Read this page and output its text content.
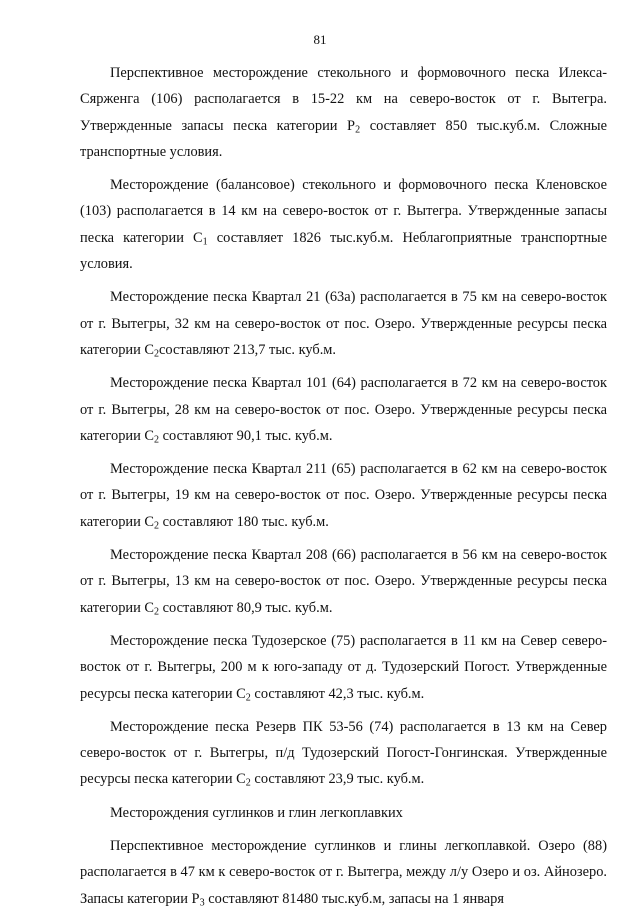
81

Перспективное месторождение стекольного и формовочного песка Илекса-Сярженга (106) располагается в 15-22 км на северо-восток от г. Вытегра. Утвержденные запасы песка категории $Р_2$ составляет 850 тыс.куб.м. Сложные транспортные условия.

Месторождение (балансовое) стекольного и формовочного песка Кленовское (103) располагается в 14 км на северо-восток от г. Вытегра. Утвержденные запасы песка категории $С_1$ составляет 1826 тыс.куб.м. Неблагоприятные транспортные условия.

Месторождение песка Квартал 21 (63а) располагается в 75 км на северо-восток от г. Вытегры, 32 км на северо-восток от пос. Озеро. Утвержденные ресурсы песка категории $С_2составляют$ 213,7 тыс. куб.м.

Месторождение песка Квартал 101 (64) располагается в 72 км на северо-восток от г. Вытегры, 28 км на северо-восток от пос. Озеро. Утвержденные ресурсы песка категории $С_2$ составляют 90,1 тыс. куб.м.

Месторождение песка Квартал 211 (65) располагается в 62 км на северо-восток от г. Вытегры, 19 км на северо-восток от пос. Озеро. Утвержденные ресурсы песка категории $С_2$ составляют 180 тыс. куб.м.

Месторождение песка Квартал 208 (66) располагается в 56 км на северо-восток от г. Вытегры, 13 км на северо-восток от пос. Озеро. Утвержденные ресурсы песка категории $С_2$ составляют 80,9 тыс. куб.м.

Месторождение песка Тудозерское (75) располагается в 11 км на Север северо-восток от г. Вытегры, 200 м к юго-западу от д. Тудозерский Погост. Утвержденные ресурсы песка категории $С_2$ составляют 42,3 тыс. куб.м.

Месторождение песка Резерв ПК 53-56 (74) располагается в 13 км на Север северо-восток от г. Вытегры, п/д Тудозерский Погост-Гонгинская. Утвержденные ресурсы песка категории $С_2$ составляют 23,9 тыс. куб.м.

Месторождения суглинков и глин легкоплавких

Перспективное месторождение суглинков и глины легкоплавкой. Озеро (88) располагается в 47 км к северо-восток от г. Вытегра, между л/у Озеро и оз. Айнозеро. Запасы категории $Р_3$ составляют 81480 тыс.куб.м, запасы на 1 января
